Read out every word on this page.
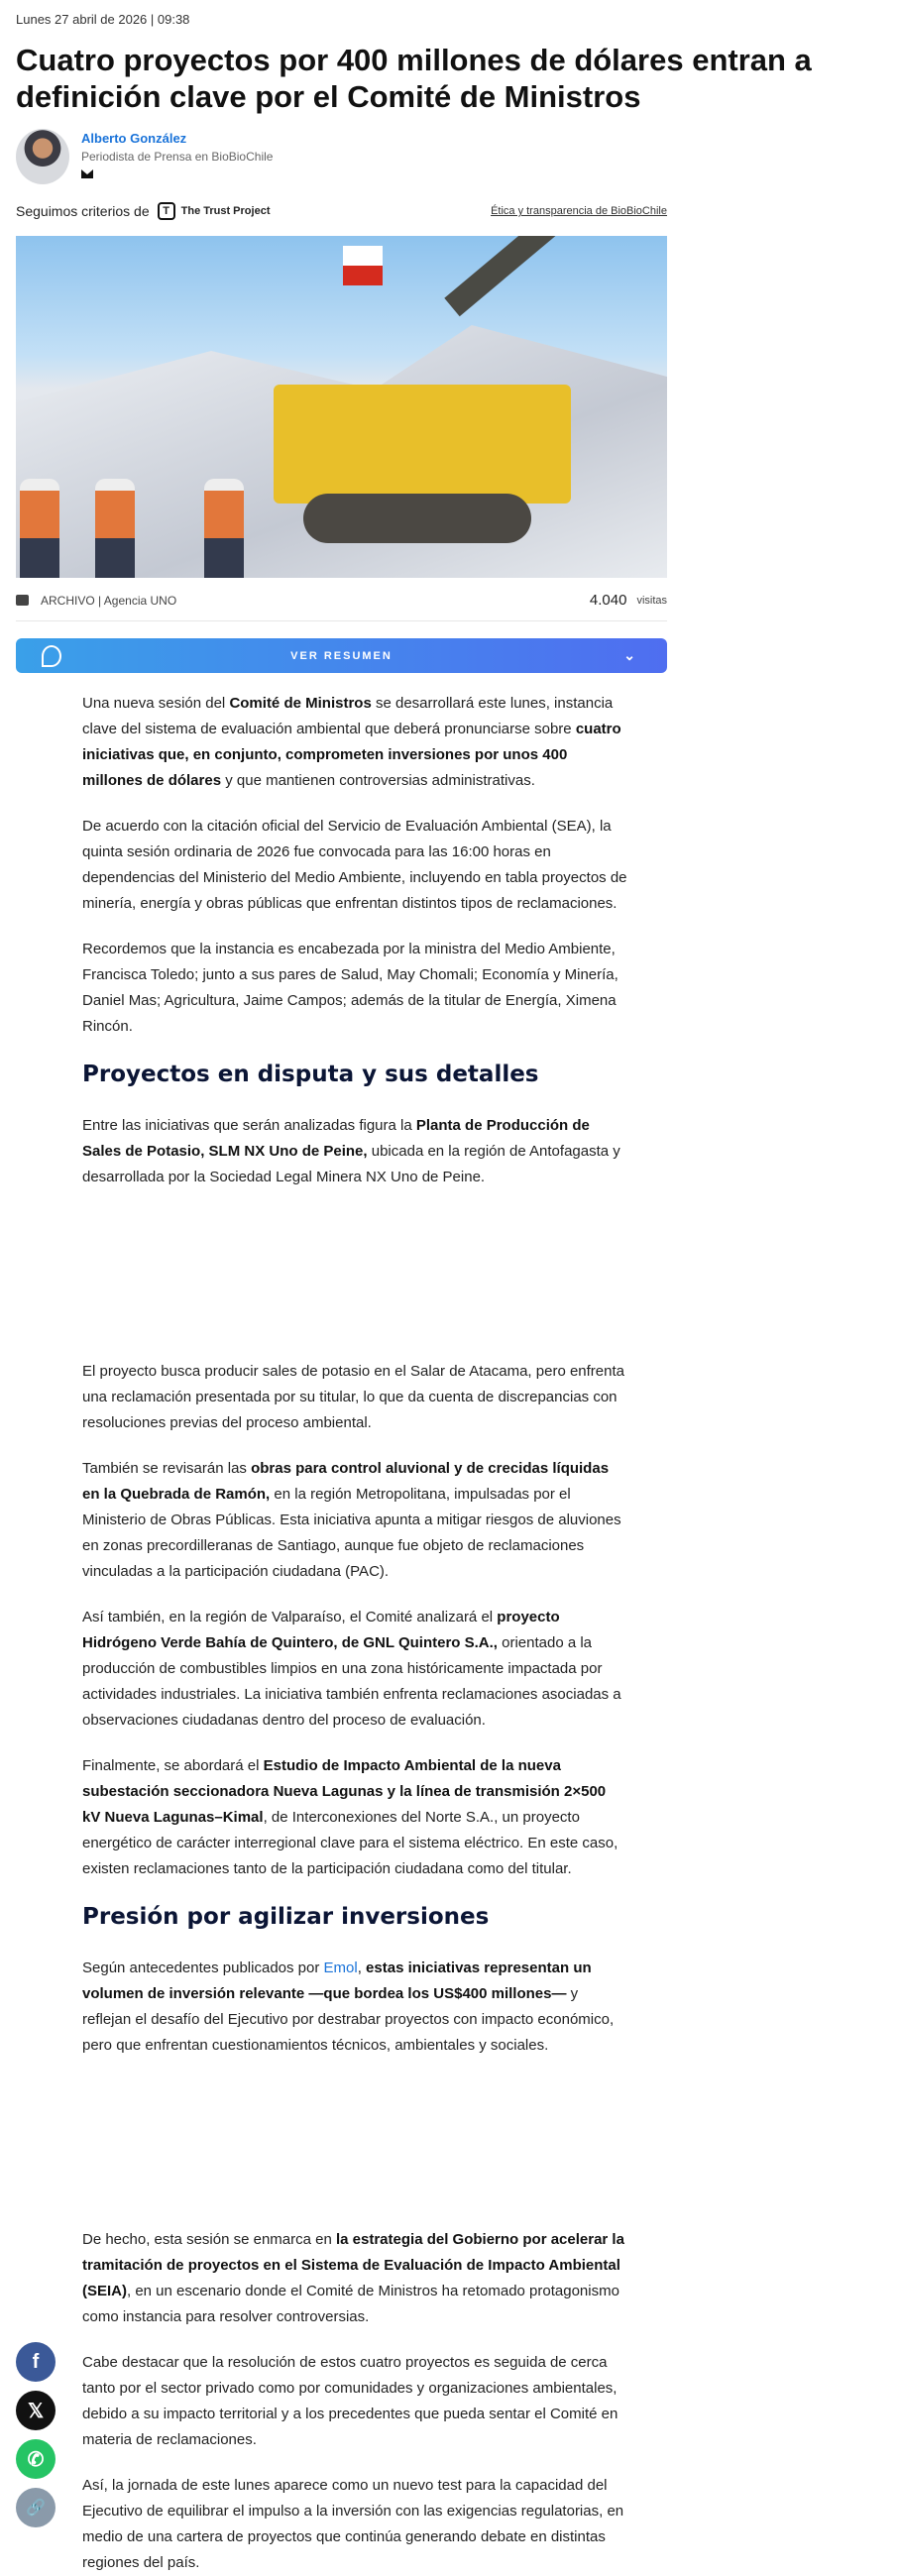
Lunes 27 abril de 2026 | 09:38
Cuatro proyectos por 400 millones de dólares entran a definición clave por el Comité de Ministros
Alberto González
Periodista de Prensa en BioBioChile
Seguimos criterios de	T	The Trust Project	Ética y transparencia de BioBioChile
ARCHIVO | Agencia UNO	4.040 visitas
VER RESUMEN	⌄
Una nueva sesión del Comité de Ministros se desarrollará este lunes, instancia clave del sistema de evaluación ambiental que deberá pronunciarse sobre cuatro iniciativas que, en conjunto, comprometen inversiones por unos 400 millones de dólares y que mantienen controversias administrativas.
De acuerdo con la citación oficial del Servicio de Evaluación Ambiental (SEA), la quinta sesión ordinaria de 2026 fue convocada para las 16:00 horas en dependencias del Ministerio del Medio Ambiente, incluyendo en tabla proyectos de minería, energía y obras públicas que enfrentan distintos tipos de reclamaciones.
Recordemos que la instancia es encabezada por la ministra del Medio Ambiente, Francisca Toledo; junto a sus pares de Salud, May Chomali; Economía y Minería, Daniel Mas; Agricultura, Jaime Campos; además de la titular de Energía, Ximena Rincón.
Proyectos en disputa y sus detalles
Entre las iniciativas que serán analizadas figura la Planta de Producción de Sales de Potasio, SLM NX Uno de Peine, ubicada en la región de Antofagasta y desarrollada por la Sociedad Legal Minera NX Uno de Peine.
El proyecto busca producir sales de potasio en el Salar de Atacama, pero enfrenta una reclamación presentada por su titular, lo que da cuenta de discrepancias con resoluciones previas del proceso ambiental.
También se revisarán las obras para control aluvional y de crecidas líquidas en la Quebrada de Ramón, en la región Metropolitana, impulsadas por el Ministerio de Obras Públicas. Esta iniciativa apunta a mitigar riesgos de aluviones en zonas precordilleranas de Santiago, aunque fue objeto de reclamaciones vinculadas a la participación ciudadana (PAC).
Así también, en la región de Valparaíso, el Comité analizará el proyecto Hidrógeno Verde Bahía de Quintero, de GNL Quintero S.A., orientado a la producción de combustibles limpios en una zona históricamente impactada por actividades industriales. La iniciativa también enfrenta reclamaciones asociadas a observaciones ciudadanas dentro del proceso de evaluación.
Finalmente, se abordará el Estudio de Impacto Ambiental de la nueva subestación seccionadora Nueva Lagunas y la línea de transmisión 2×500 kV Nueva Lagunas–Kimal, de Interconexiones del Norte S.A., un proyecto energético de carácter interregional clave para el sistema eléctrico. En este caso, existen reclamaciones tanto de la participación ciudadana como del titular.
Presión por agilizar inversiones
Según antecedentes publicados por Emol, estas iniciativas representan un volumen de inversión relevante —que bordea los US$400 millones— y reflejan el desafío del Ejecutivo por destrabar proyectos con impacto económico, pero que enfrentan cuestionamientos técnicos, ambientales y sociales.
De hecho, esta sesión se enmarca en la estrategia del Gobierno por acelerar la tramitación de proyectos en el Sistema de Evaluación de Impacto Ambiental (SEIA), en un escenario donde el Comité de Ministros ha retomado protagonismo como instancia para resolver controversias.
Cabe destacar que la resolución de estos cuatro proyectos es seguida de cerca tanto por el sector privado como por comunidades y organizaciones ambientales, debido a su impacto territorial y a los precedentes que pueda sentar el Comité en materia de reclamaciones.
Así, la jornada de este lunes aparece como un nuevo test para la capacidad del Ejecutivo de equilibrar el impulso a la inversión con las exigencias regulatorias, en medio de una cartera de proyectos que continúa generando debate en distintas regiones del país.
f
𝕏
✆
🔗
